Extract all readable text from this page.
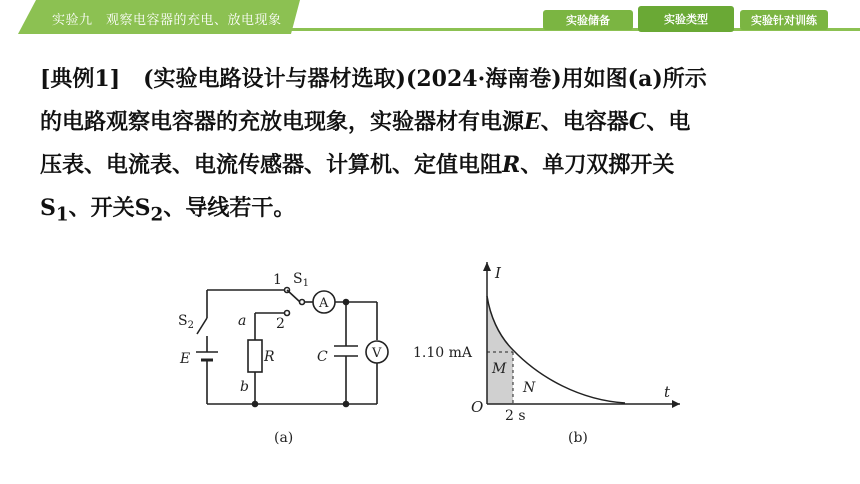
实验九　观察电容器的充电、放电现象	实验储备	实验类型	实验针对训练
[典例1] (实验电路设计与器材选取)(2024·海南卷)用如图(a)所示
的电路观察电容器的充放电现象，实验器材有电源E、电容器C、电
压表、电流表、电流传感器、计算机、定值电阻R、单刀双掷开关
$S_1$、开关$S_2$、导线若干。
1
2
$S_1$
$S_2$	a
b
E	R	C
A
V
(a)
I
t
O
1.10 mA
2 s
M
N
(b)
